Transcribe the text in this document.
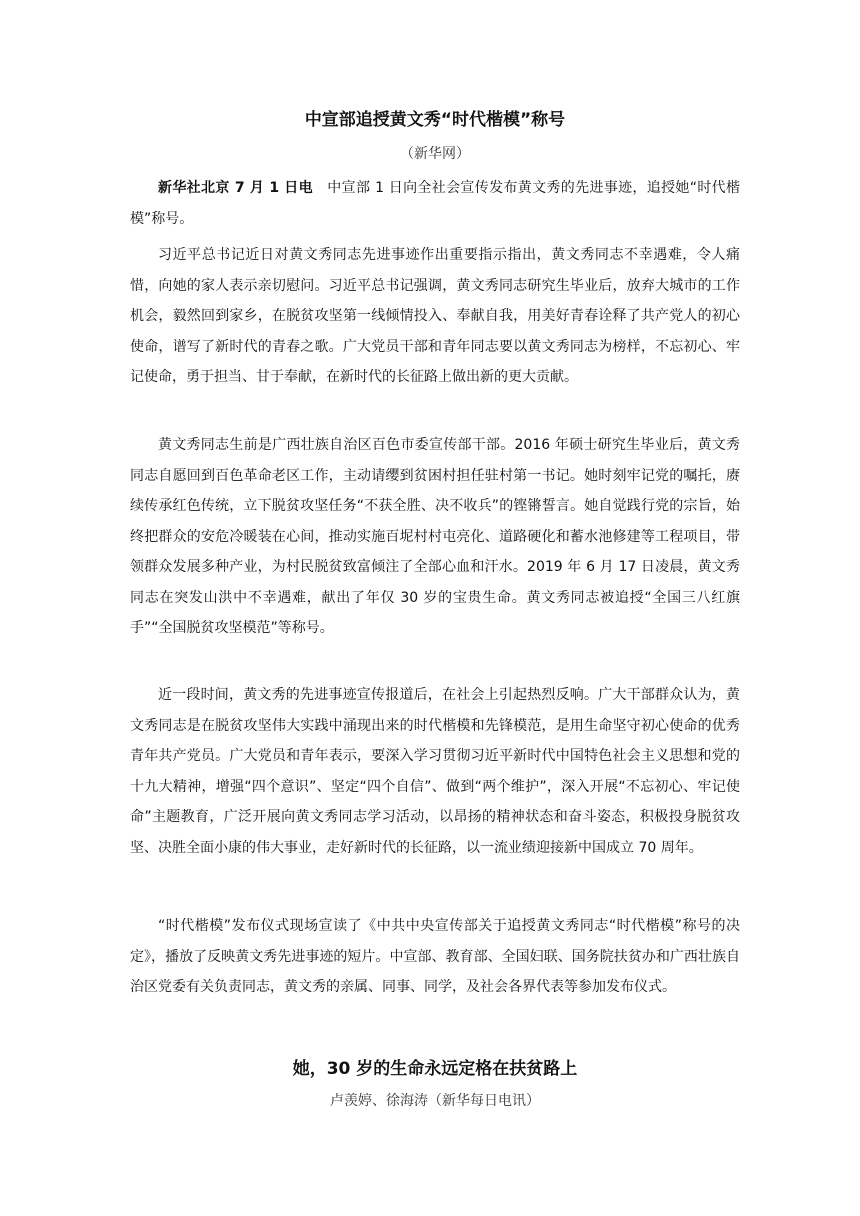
中宣部追授黄文秀“时代楷模”称号
（新华网）

新华社北京 7 月 1 日电　中宣部 1 日向全社会宣传发布黄文秀的先进事迹，追授她“时代楷模”称号。

习近平总书记近日对黄文秀同志先进事迹作出重要指示指出，黄文秀同志不幸遇难，令人痛惜，向她的家人表示亲切慰问。习近平总书记强调，黄文秀同志研究生毕业后，放弃大城市的工作机会，毅然回到家乡，在脱贫攻坚第一线倾情投入、奉献自我，用美好青春诠释了共产党人的初心使命，谱写了新时代的青春之歌。广大党员干部和青年同志要以黄文秀同志为榜样，不忘初心、牢记使命，勇于担当、甘于奉献，在新时代的长征路上做出新的更大贡献。

黄文秀同志生前是广西壮族自治区百色市委宣传部干部。2016 年硕士研究生毕业后，黄文秀同志自愿回到百色革命老区工作，主动请缨到贫困村担任驻村第一书记。她时刻牢记党的嘱托，赓续传承红色传统，立下脱贫攻坚任务“不获全胜、决不收兵”的铿锵誓言。她自觉践行党的宗旨，始终把群众的安危冷暖装在心间，推动实施百坭村村屯亮化、道路硬化和蓄水池修建等工程项目，带领群众发展多种产业，为村民脱贫致富倾注了全部心血和汗水。2019 年 6 月 17 日凌晨，黄文秀同志在突发山洪中不幸遇难，献出了年仅 30 岁的宝贵生命。黄文秀同志被追授“全国三八红旗手”“全国脱贫攻坚模范”等称号。

近一段时间，黄文秀的先进事迹宣传报道后，在社会上引起热烈反响。广大干部群众认为，黄文秀同志是在脱贫攻坚伟大实践中涌现出来的时代楷模和先锋模范，是用生命坚守初心使命的优秀青年共产党员。广大党员和青年表示，要深入学习贯彻习近平新时代中国特色社会主义思想和党的十九大精神，增强“四个意识”、坚定“四个自信”、做到“两个维护”，深入开展“不忘初心、牢记使命”主题教育，广泛开展向黄文秀同志学习活动，以昂扬的精神状态和奋斗姿态，积极投身脱贫攻坚、决胜全面小康的伟大事业，走好新时代的长征路，以一流业绩迎接新中国成立 70 周年。

“时代楷模”发布仪式现场宣读了《中共中央宣传部关于追授黄文秀同志“时代楷模”称号的决定》，播放了反映黄文秀先进事迹的短片。中宣部、教育部、全国妇联、国务院扶贫办和广西壮族自治区党委有关负责同志，黄文秀的亲属、同事、同学，及社会各界代表等参加发布仪式。

她，30 岁的生命永远定格在扶贫路上
卢羡婷、徐海涛（新华每日电讯）
